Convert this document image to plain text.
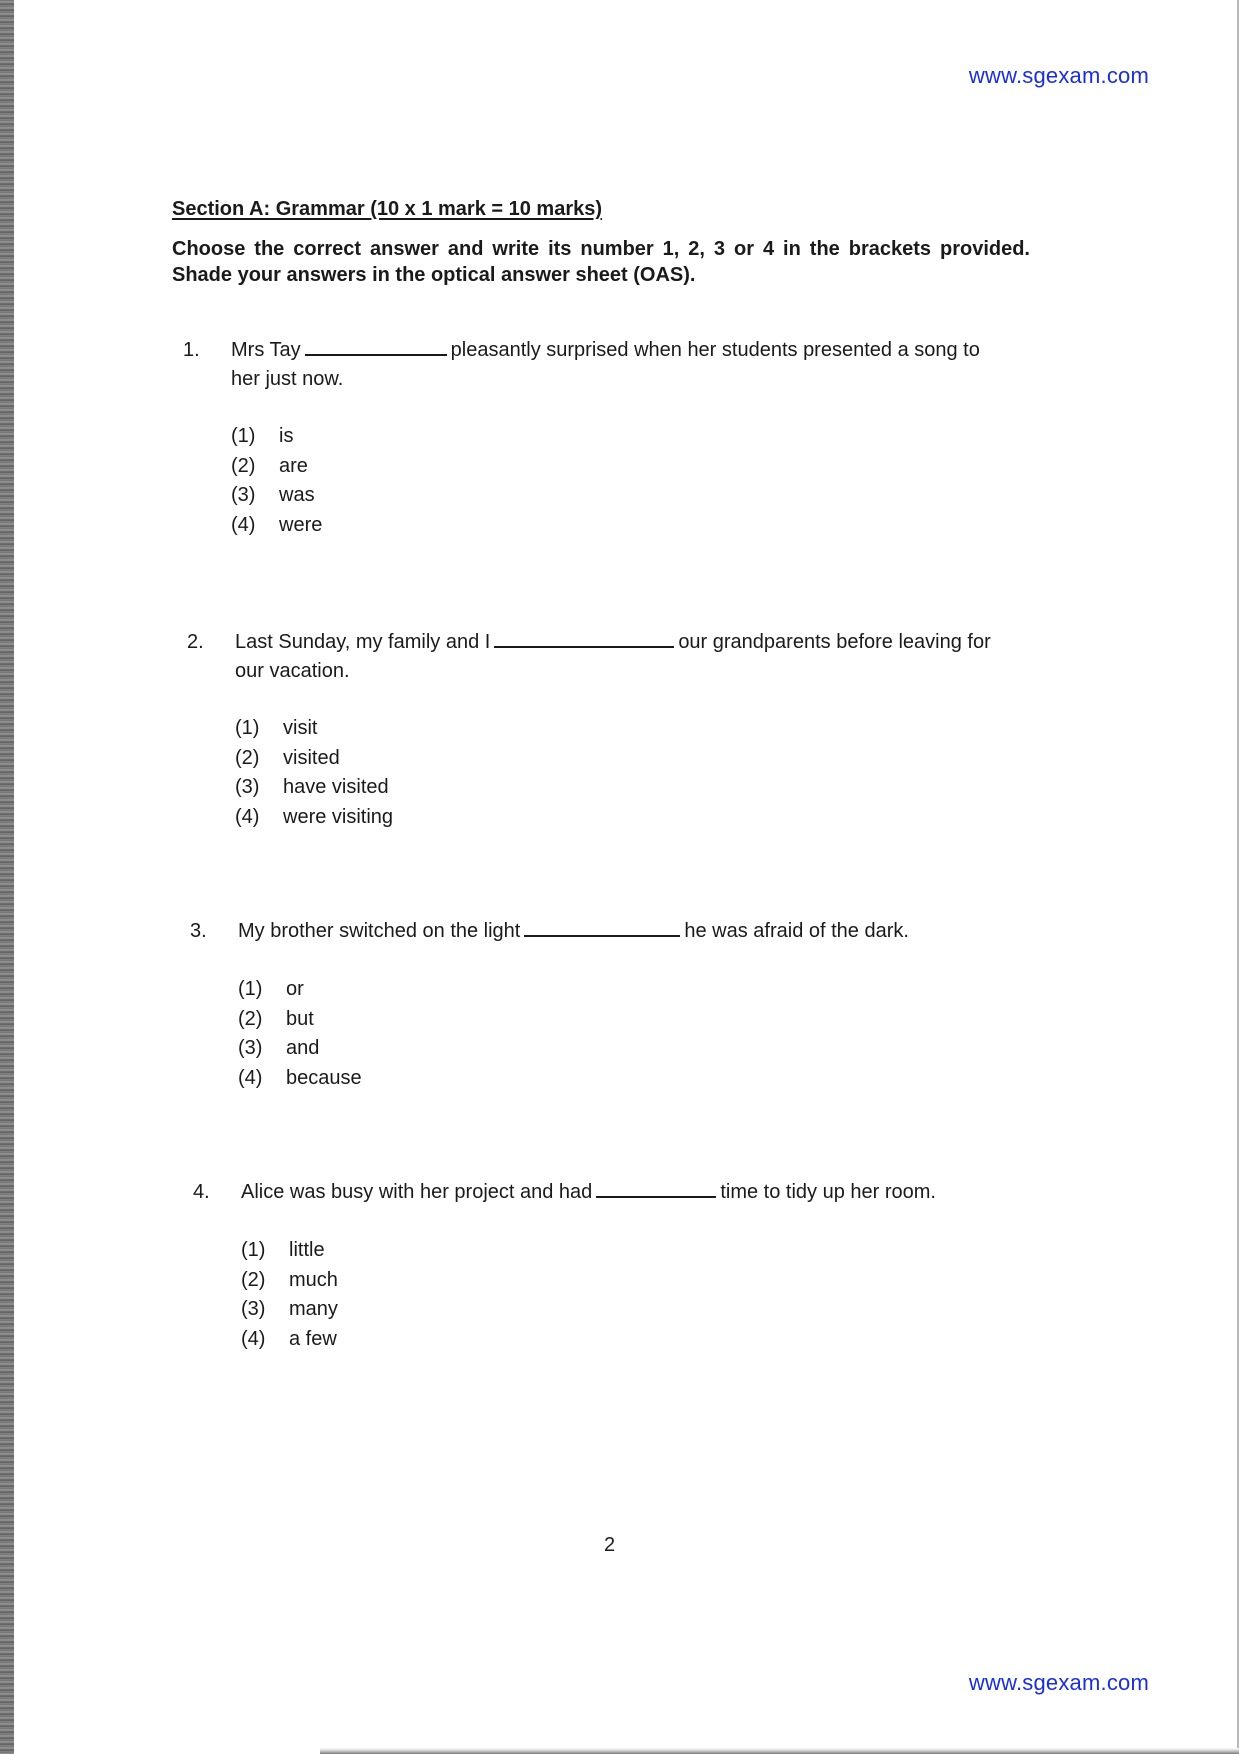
www.sgexam.com
Section A: Grammar (10 x 1 mark = 10 marks)
Choose the correct answer and write its number 1, 2, 3 or 4 in the brackets provided. Shade your answers in the optical answer sheet (OAS).
1. Mrs Tay	pleasantly surprised when her students presented a song to her just now.
(1)	is
(2)	are
(3)	was
(4)	were
2. Last Sunday, my family and I	our grandparents before leaving for our vacation.
(1)	visit
(2)	visited
(3)	have visited
(4)	were visiting
3. My brother switched on the light	he was afraid of the dark.
(1)	or
(2)	but
(3)	and
(4)	because
4. Alice was busy with her project and had	time to tidy up her room.
(1)	little
(2)	much
(3)	many
(4)	a few
2
www.sgexam.com
